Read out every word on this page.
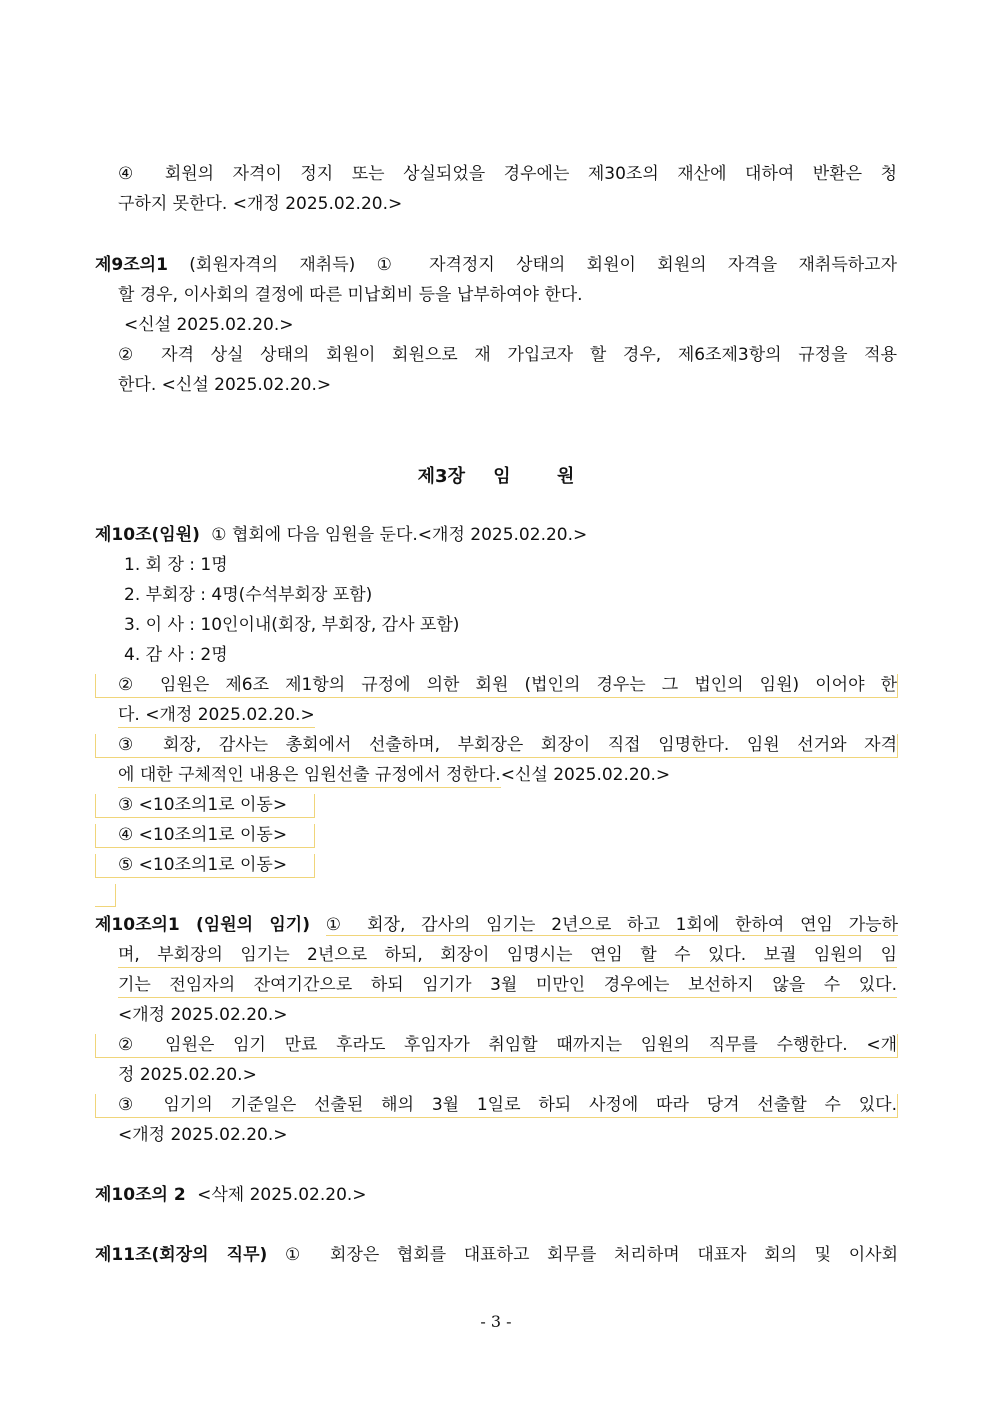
④ 회원의 자격이 정지 또는 상실되었을 경우에는 제30조의 재산에 대하여 반환은 청
구하지 못한다. <개정 2025.02.20.>
제9조의1 (회원자격의 재취득) ① 자격정지 상태의 회원이 회원의 자격을 재취득하고자
할 경우, 이사회의 결정에 따른 미납회비 등을 납부하여야 한다.
<신설 2025.02.20.>
② 자격 상실 상태의 회원이 회원으로 재 가입코자 할 경우, 제6조제3항의 규정을 적용
한다. <신설 2025.02.20.>
제3장 임	원
제10조(임원) ① 협회에 다음 임원을 둔다.<개정 2025.02.20.>
1. 회 장 : 1명
2. 부회장 : 4명(수석부회장 포함)
3. 이 사 : 10인이내(회장, 부회장, 감사 포함)
4. 감 사 : 2명
② 임원은 제6조 제1항의 규정에 의한 회원 (법인의 경우는 그 법인의 임원) 이어야 한
다. <개정 2025.02.20.>
③ 회장, 감사는 총회에서 선출하며, 부회장은 회장이 직접 임명한다. 임원 선거와 자격
에 대한 구체적인 내용은 임원선출 규정에서 정한다.<신설 2025.02.20.>
③ <10조의1로 이동>
④ <10조의1로 이동>
⑤ <10조의1로 이동>
제10조의1 (임원의 임기) ① 회장, 감사의 임기는 2년으로 하고 1회에 한하여 연임 가능하
며, 부회장의 임기는 2년으로 하되, 회장이 임명시는 연임 할 수 있다. 보궐 임원의 임
기는 전임자의 잔여기간으로 하되 임기가 3월 미만인 경우에는 보선하지 않을 수 있다.
<개정 2025.02.20.>
② 임원은 임기 만료 후라도 후임자가 취임할 때까지는 임원의 직무를 수행한다. <개
정 2025.02.20.>
③ 임기의 기준일은 선출된 해의 3월 1일로 하되 사정에 따라 당겨 선출할 수 있다.
<개정 2025.02.20.>
제10조의 2 <삭제 2025.02.20.>
제11조(회장의 직무) ① 회장은 협회를 대표하고 회무를 처리하며 대표자 회의 및 이사회
- 3 -
